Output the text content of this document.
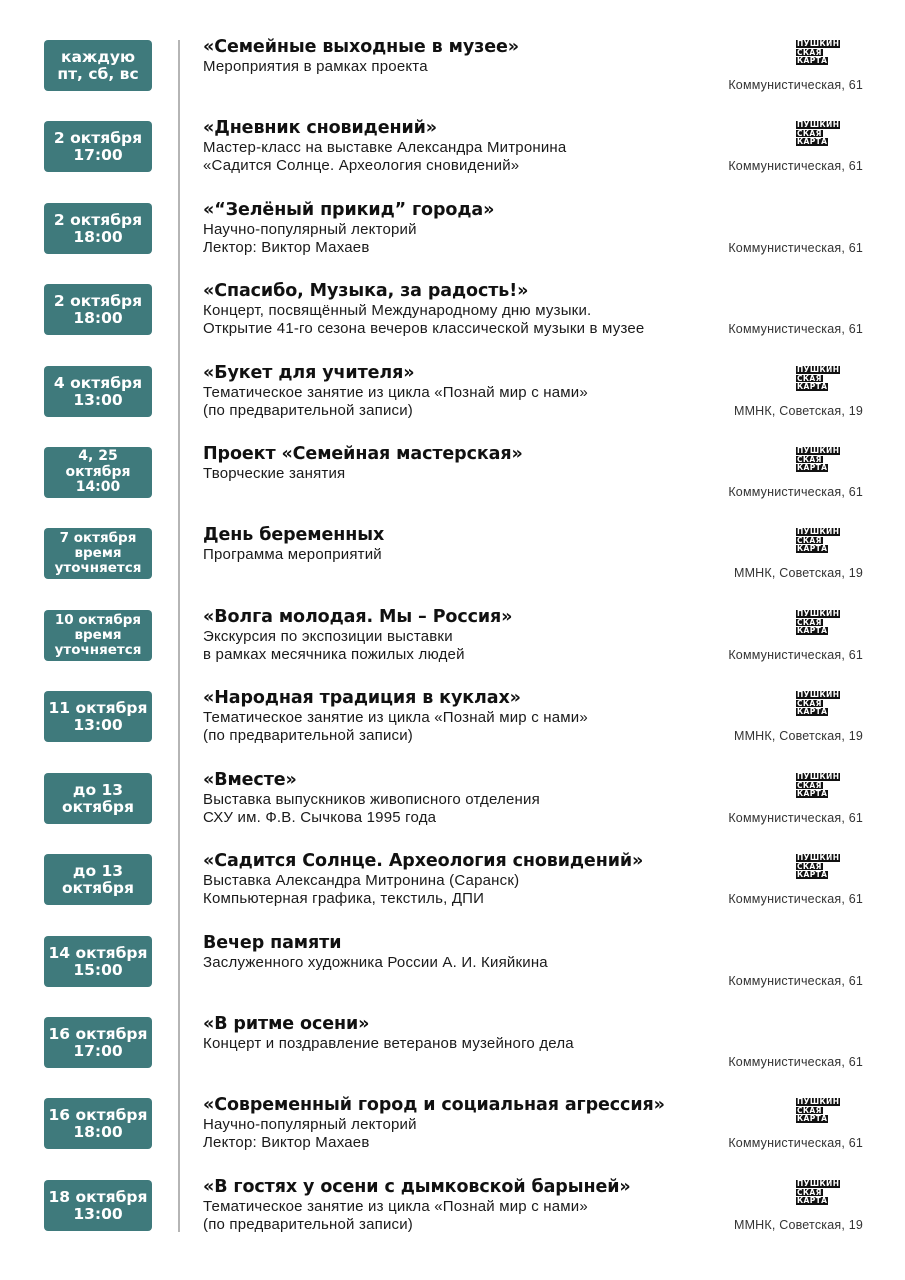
каждую
пт, сб, вс
«Семейные выходные в музее»
Мероприятия в рамках проекта
ПУШКИН
СКАЯ
КАРТА
Коммунистическая, 61
2 октября
17:00
«Дневник сновидений»
Мастер-класс на выставке Александра Митронина
«Садится Солнце. Археология сновидений»
ПУШКИН
СКАЯ
КАРТА
Коммунистическая, 61
2 октября
18:00
«“Зелёный прикид” города»
Научно-популярный лекторий
Лектор: Виктор Махаев	Коммунистическая, 61
2 октября
18:00
«Спасибо, Музыка, за радость!»
Концерт, посвящённый Международному дню музыки.
Открытие 41-го сезона вечеров классической музыки в музее	Коммунистическая, 61
4 октября
13:00
«Букет для учителя»
Тематическое занятие из цикла «Познай мир с нами»
(по предварительной записи)
ПУШКИН
СКАЯ
КАРТА
ММНК, Советская, 19
4, 25
октября
14:00
Проект «Семейная мастерская»
Творческие занятия
ПУШКИН
СКАЯ
КАРТА
Коммунистическая, 61
7 октября
время
уточняется
День беременных
Программа мероприятий
ПУШКИН
СКАЯ
КАРТА
ММНК, Советская, 19
10 октября
время
уточняется
«Волга молодая. Мы – Россия»
Экскурсия по экспозиции выставки
в рамках месячника пожилых людей
ПУШКИН
СКАЯ
КАРТА
Коммунистическая, 61
11 октября
13:00
«Народная традиция в куклах»
Тематическое занятие из цикла «Познай мир с нами»
(по предварительной записи)
ПУШКИН
СКАЯ
КАРТА
ММНК, Советская, 19
до 13
октября
«Вместе»
Выставка выпускников живописного отделения
СХУ им. Ф.В. Сычкова 1995 года
ПУШКИН
СКАЯ
КАРТА
Коммунистическая, 61
до 13
октября
«Садится Солнце. Археология сновидений»
Выставка Александра Митронина (Саранск)
Компьютерная графика, текстиль, ДПИ
ПУШКИН
СКАЯ
КАРТА
Коммунистическая, 61
14 октября
15:00
Вечер памяти
Заслуженного художника России А. И. Кияйкина
Коммунистическая, 61
16 октября
17:00
«В ритме осени»
Концерт и поздравление ветеранов музейного дела
Коммунистическая, 61
16 октября
18:00
«Современный город и социальная агрессия»
Научно-популярный лекторий
Лектор: Виктор Махаев
ПУШКИН
СКАЯ
КАРТА
Коммунистическая, 61
18 октября
13:00
«В гостях у осени с дымковской барыней»
Тематическое занятие из цикла «Познай мир с нами»
(по предварительной записи)
ПУШКИН
СКАЯ
КАРТА
ММНК, Советская, 19
